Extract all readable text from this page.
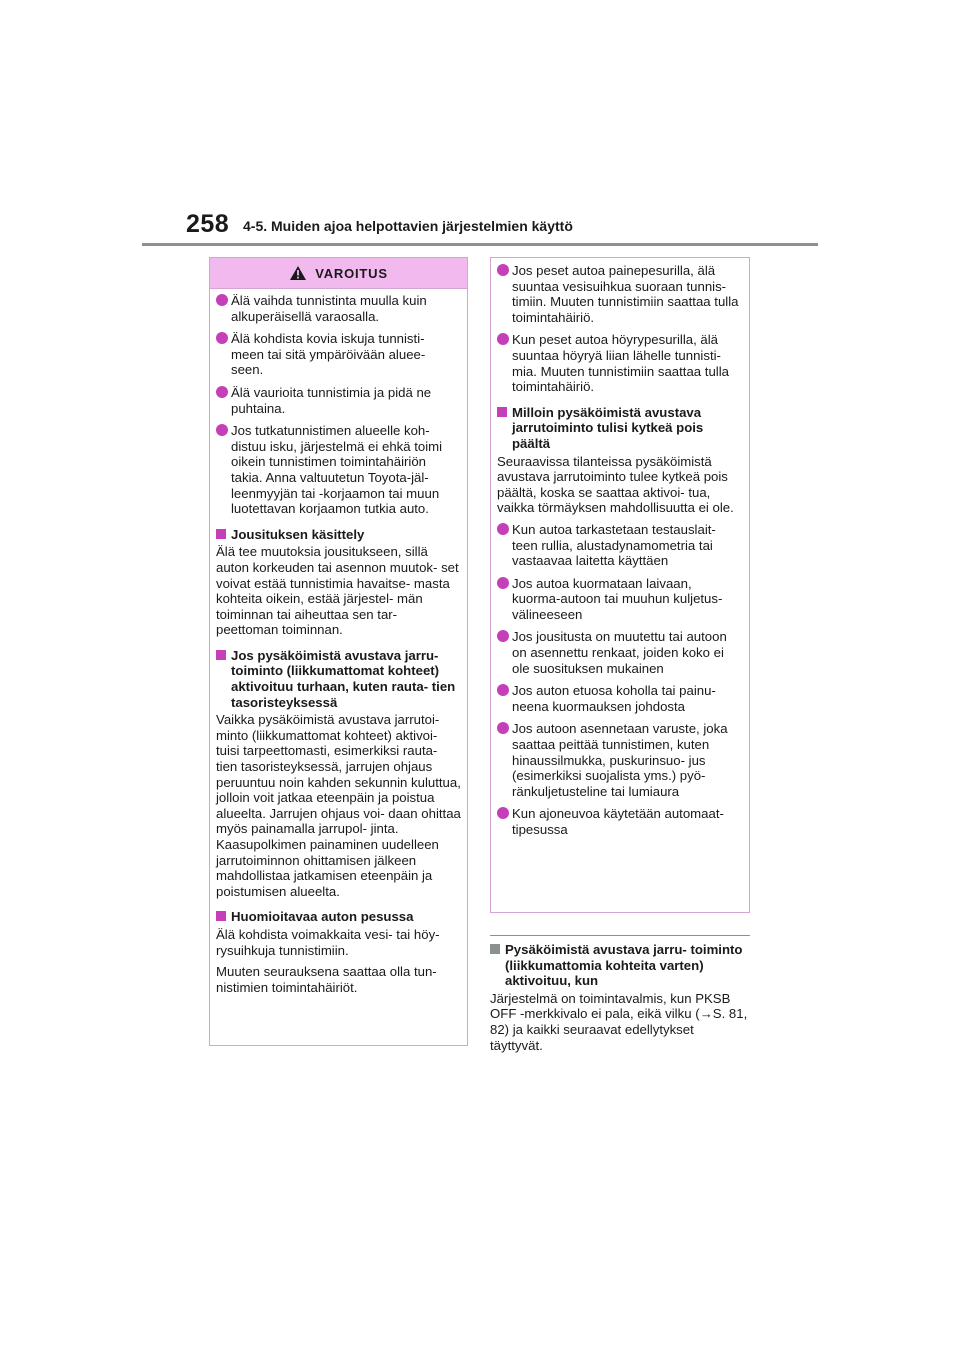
258 4-5. Muiden ajoa helpottavien järjestelmien käyttö
VAROITUS
Älä vaihda tunnistinta muulla kuin alkuperäisellä varaosalla.
Älä kohdista kovia iskuja tunnisti- meen tai sitä ympäröivään aluee- seen.
Älä vaurioita tunnistimia ja pidä ne puhtaina.
Jos tutkatunnistimen alueelle koh- distuu isku, järjestelmä ei ehkä toimi oikein tunnistimen toimintahäiriön takia. Anna valtuutetun Toyota-jäl- leenmyyjän tai -korjaamon tai muun luotettavan korjaamon tutkia auto.
Jousituksen käsittely

Älä tee muutoksia jousitukseen, sillä auton korkeuden tai asennon muutok- set voivat estää tunnistimia havaitse- masta kohteita oikein, estää järjestel- män toiminnan tai aiheuttaa sen tar- peettoman toiminnan.

Jos pysäköimistä avustava jarru- toiminto (liikkumattomat kohteet) aktivoituu turhaan, kuten rauta- tien tasoristeyksessä

Vaikka pysäköimistä avustava jarrutoi- minto (liikkumattomat kohteet) aktivoi- tuisi tarpeettomasti, esimerkiksi rauta- tien tasoristeyksessä, jarrujen ohjaus peruuntuu noin kahden sekunnin kuluttua, jolloin voit jatkaa eteenpäin ja poistua alueelta. Jarrujen ohjaus voi- daan ohittaa myös painamalla jarrupol- jinta. Kaasupolkimen painaminen uudelleen jarrutoiminnon ohittamisen jälkeen mahdollistaa jatkamisen eteenpäin ja poistumisen alueelta.

Huomioitavaa auton pesussa

Älä kohdista voimakkaita vesi- tai höy- rysuihkuja tunnistimiin.

Muuten seurauksena saattaa olla tun- nistimien toimintahäiriöt.

Jos peset autoa painepesurilla, älä suuntaa vesisuihkua suoraan tunnis- timiin. Muuten tunnistimiin saattaa tulla toimintahäiriö.
Kun peset autoa höyrypesurilla, älä suuntaa höyryä liian lähelle tunnisti- mia. Muuten tunnistimiin saattaa tulla toimintahäiriö.
Milloin pysäköimistä avustava jarrutoiminto tulisi kytkeä pois päältä

Seuraavissa tilanteissa pysäköimistä avustava jarrutoiminto tulee kytkeä pois päältä, koska se saattaa aktivoi- tua, vaikka törmäyksen mahdollisuutta ei ole.

Kun autoa tarkastetaan testauslait- teen rullia, alustadynamometria tai vastaavaa laitetta käyttäen
Jos autoa kuormataan laivaan, kuorma-autoon tai muuhun kuljetus- välineeseen
Jos jousitusta on muutettu tai autoon on asennettu renkaat, joiden koko ei ole suosituksen mukainen
Jos auton etuosa koholla tai painu- neena kuormauksen johdosta
Jos autoon asennetaan varuste, joka saattaa peittää tunnistimen, kuten hinaussilmukka, puskurinsuo- jus (esimerkiksi suojalista yms.) pyö- ränkuljetusteline tai lumiaura
Kun ajoneuvoa käytetään automaat- tipesussa
Pysäköimistä avustava jarru- toiminto (liikkumattomia kohteita varten) aktivoituu, kun

Järjestelmä on toimintavalmis, kun PKSB OFF -merkkivalo ei pala, eikä vilku (→S. 81, 82) ja kaikki seuraavat edellytykset täyttyvät.
